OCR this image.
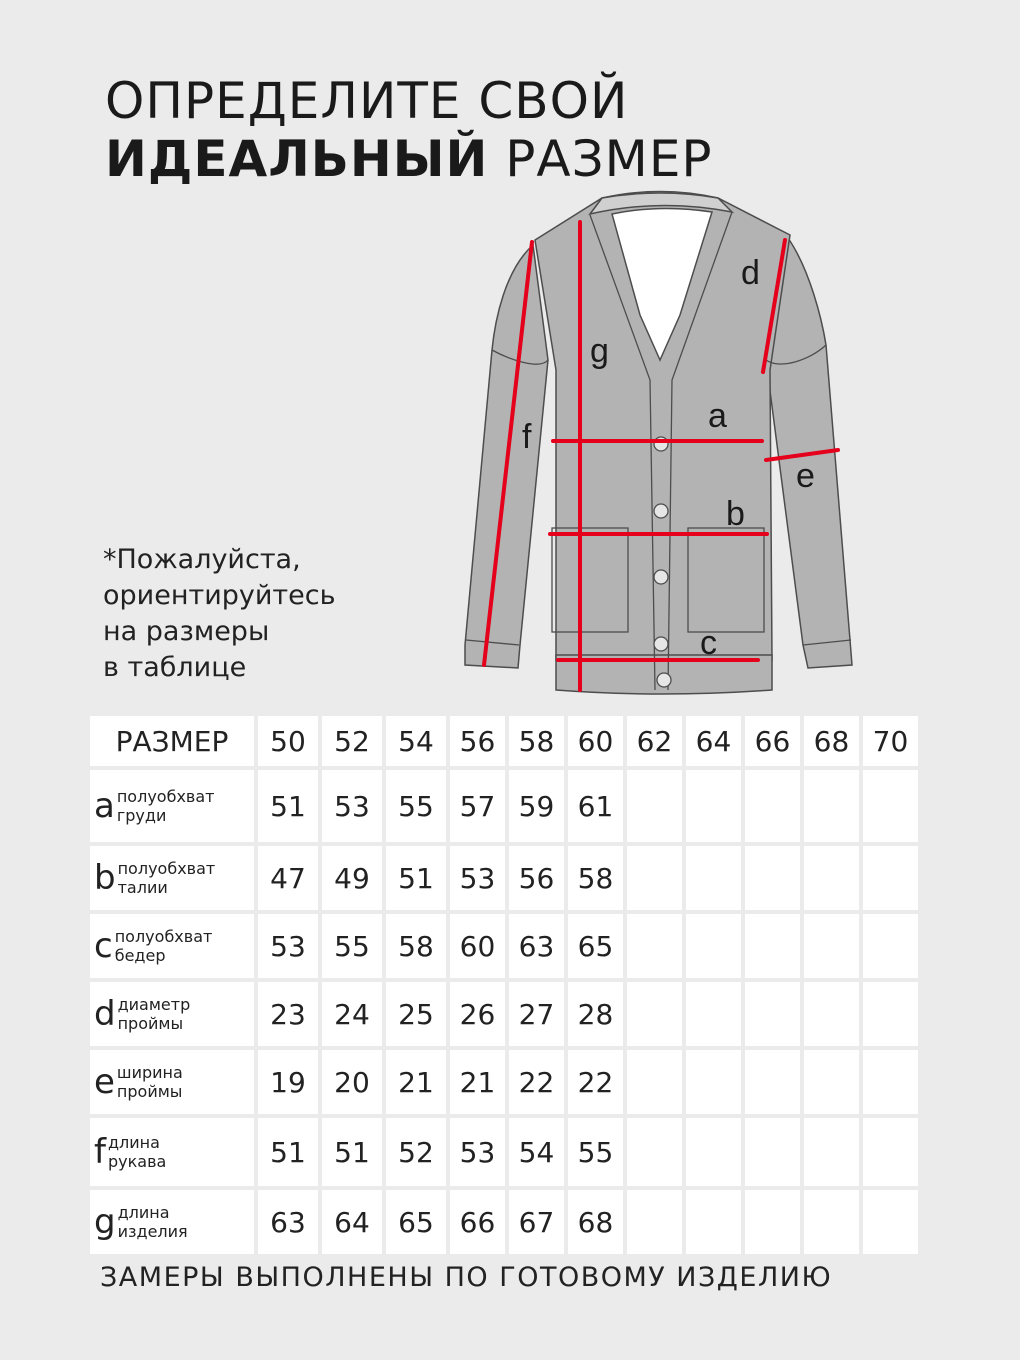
ОПРЕДЕЛИТЕ СВОЙ
ИДЕАЛЬНЫЙ РАЗМЕР
a
b
c
d
e
f
g
*Пожалуйста,
ориентируйтесь
на размеры
в таблице
РАЗМЕР	50	52	54	56	58	60	62	64	66	68	70
a полуобхват
груди	51	53	55	57	59	61					
b полуобхват
талии	47	49	51	53	56	58					
c полуобхват
бедер	53	55	58	60	63	65					
d диаметр
проймы	23	24	25	26	27	28					
e ширина
проймы	19	20	21	21	22	22					
f длина
рукава	51	51	52	53	54	55					
g длина
изделия	63	64	65	66	67	68					
ЗАМЕРЫ ВЫПОЛНЕНЫ ПО ГОТОВОМУ ИЗДЕЛИЮ
